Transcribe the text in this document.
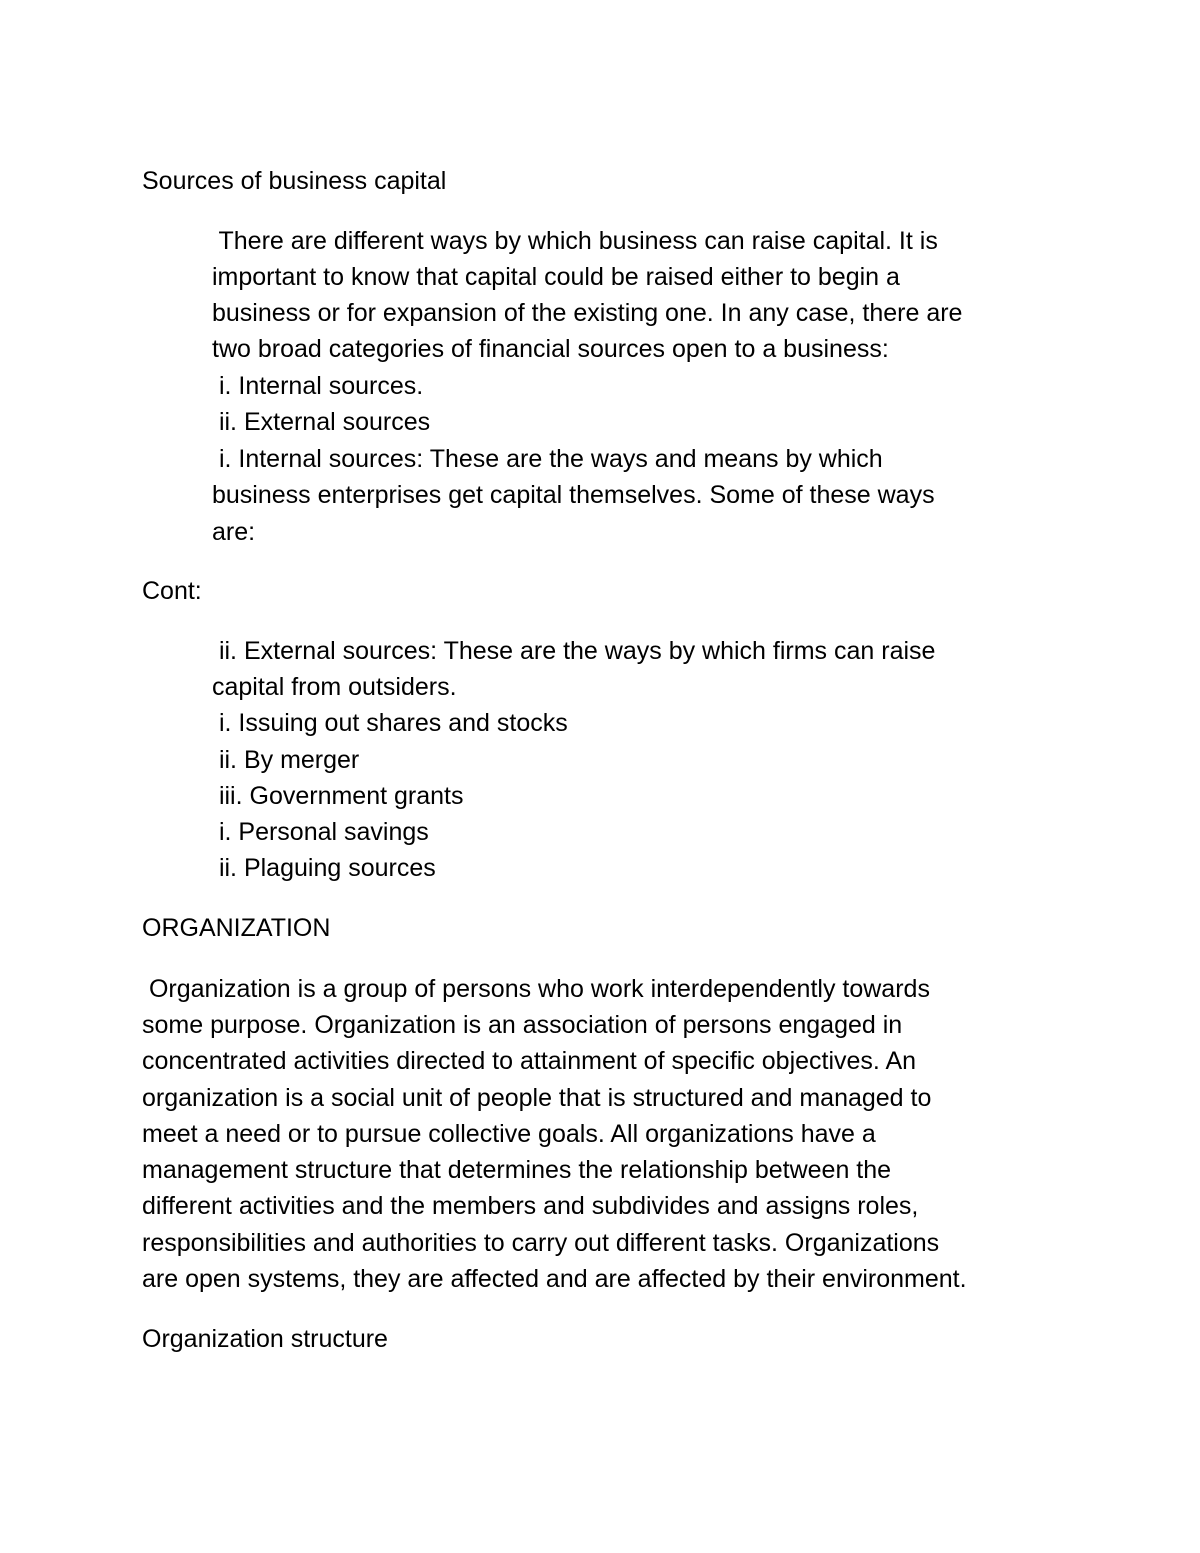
Sources of business capital
There are different ways by which business can raise capital. It is
important to know that capital could be raised either to begin a
business or for expansion of the existing one. In any case, there are
two broad categories of financial sources open to a business:
i. Internal sources.
ii. External sources
i. Internal sources: These are the ways and means by which
business enterprises get capital themselves. Some of these ways
are:
Cont:
ii. External sources: These are the ways by which firms can raise
capital from outsiders.
i. Issuing out shares and stocks
ii. By merger
iii. Government grants
i. Personal savings
ii. Plaguing sources
ORGANIZATION
Organization is a group of persons who work interdependently towards
some purpose. Organization is an association of persons engaged in
concentrated activities directed to attainment of specific objectives. An
organization is a social unit of people that is structured and managed to
meet a need or to pursue collective goals. All organizations have a
management structure that determines the relationship between the
different activities and the members and subdivides and assigns roles,
responsibilities and authorities to carry out different tasks. Organizations
are open systems, they are affected and are affected by their environment.
Organization structure
